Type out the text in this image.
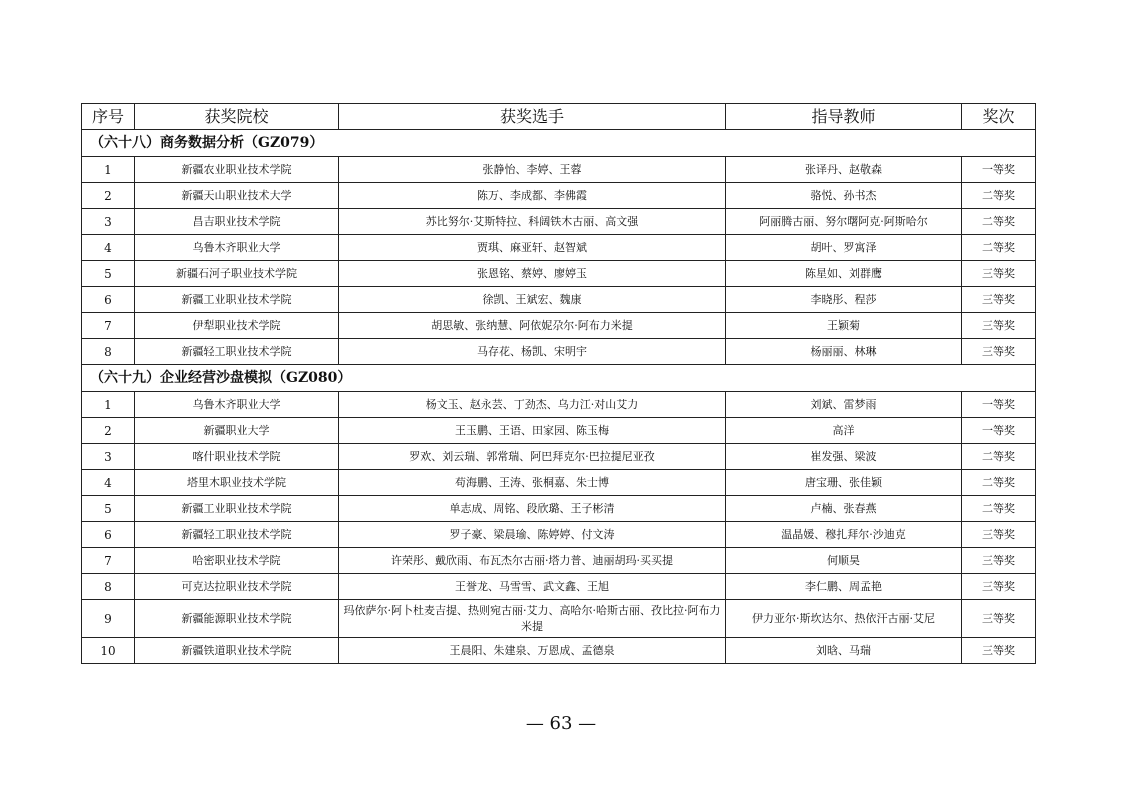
序号	获奖院校	获奖选手	指导教师	奖次
（六十八）商务数据分析（GZ079）				
1	新疆农业职业技术学院	张静怡、李婷、王蓉	张译丹、赵敬森	一等奖
2	新疆天山职业技术大学	陈万、李成都、李佛霞	骆悦、孙书杰	二等奖
3	昌吉职业技术学院	苏比努尔·艾斯特拉、科阔铁木古丽、高文强	阿丽腾古丽、努尔曙阿克·阿斯哈尔	二等奖
4	乌鲁木齐职业大学	贾琪、麻亚轩、赵智斌	胡叶、罗寓泽	二等奖
5	新疆石河子职业技术学院	张恩铭、蔡婷、廖婷玉	陈星如、刘群鹰	三等奖
6	新疆工业职业技术学院	徐凯、王斌宏、魏康	李晓彤、程莎	三等奖
7	伊犁职业技术学院	胡思敏、张纳慧、阿依妮尕尔·阿布力米提	王颖菊	三等奖
8	新疆轻工职业技术学院	马存花、杨凯、宋明宇	杨丽丽、林琳	三等奖
（六十九）企业经营沙盘模拟（GZ080）				
1	乌鲁木齐职业大学	杨文玉、赵永芸、丁劲杰、乌力江·对山艾力	刘斌、雷梦雨	一等奖
2	新疆职业大学	王玉鹏、王语、田家园、陈玉梅	高洋	一等奖
3	喀什职业技术学院	罗欢、刘云瑞、郭常瑞、阿巴拜克尔·巴拉提尼亚孜	崔发强、梁波	二等奖
4	塔里木职业技术学院	苟海鹏、王涛、张桐嘉、朱士博	唐宝珊、张佳颖	二等奖
5	新疆工业职业技术学院	单志成、周铭、段欣璐、王子彬清	卢楠、张春燕	二等奖
6	新疆轻工职业技术学院	罗子豪、梁晨瑜、陈婷婷、付文涛	温晶媛、穆扎拜尔·沙迪克	三等奖
7	哈密职业技术学院	许荣彤、戴欣雨、布瓦杰尔古丽·塔力普、迪丽胡玛·买买提	何顺昊	三等奖
8	可克达拉职业技术学院	王誉龙、马雪雪、武文鑫、王旭	李仁鹏、周孟艳	三等奖
9	新疆能源职业技术学院	玛依萨尔·阿卜杜麦吉提、热则宛古丽·艾力、高哈尔·哈斯古丽、孜比拉·阿布力米提	伊力亚尔·斯坎达尔、热依汗古丽·艾尼	三等奖
10	新疆铁道职业技术学院	王晨阳、朱建泉、万恩成、孟德泉	刘晗、马瑞	三等奖
— 63 —
